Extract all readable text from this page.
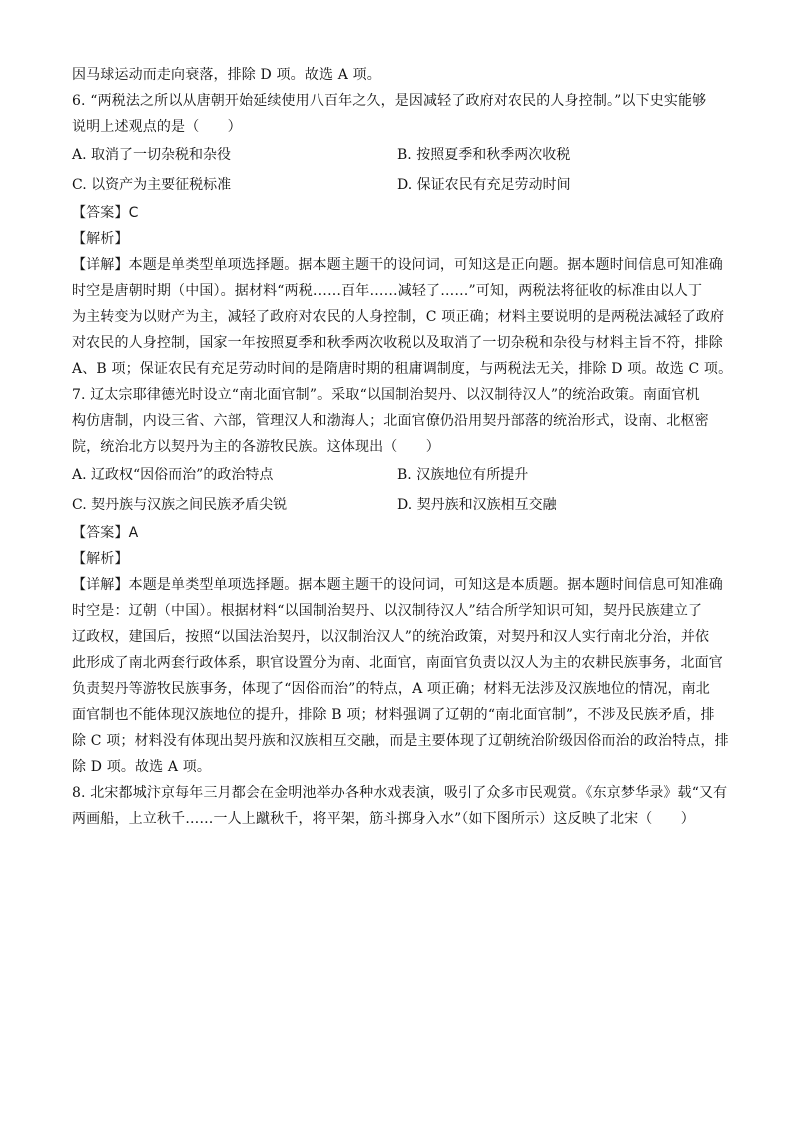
因马球运动而走向衰落，排除 D 项。故选 A 项。
6. “两税法之所以从唐朝开始延续使用八百年之久，是因减轻了政府对农民的人身控制。”以下史实能够
说明上述观点的是（　　）
A. 取消了一切杂税和杂役	B. 按照夏季和秋季两次收税
C. 以资产为主要征税标准	D. 保证农民有充足劳动时间
【答案】C
【解析】
【详解】本题是单类型单项选择题。据本题主题干的设问词，可知这是正向题。据本题时间信息可知准确
时空是唐朝时期（中国）。据材料“两税……百年……减轻了……”可知，两税法将征收的标准由以人丁
为主转变为以财产为主，减轻了政府对农民的人身控制，C 项正确；材料主要说明的是两税法减轻了政府
对农民的人身控制，国家一年按照夏季和秋季两次收税以及取消了一切杂税和杂役与材料主旨不符，排除
A、B 项；保证农民有充足劳动时间的是隋唐时期的租庸调制度，与两税法无关，排除 D 项。故选 C 项。
7. 辽太宗耶律德光时设立“南北面官制”。采取“以国制治契丹、以汉制待汉人”的统治政策。南面官机
构仿唐制，内设三省、六部，管理汉人和渤海人；北面官僚仍沿用契丹部落的统治形式，设南、北枢密
院，统治北方以契丹为主的各游牧民族。这体现出（　　）
A. 辽政权“因俗而治”的政治特点	B. 汉族地位有所提升
C. 契丹族与汉族之间民族矛盾尖锐	D. 契丹族和汉族相互交融
【答案】A
【解析】
【详解】本题是单类型单项选择题。据本题主题干的设问词，可知这是本质题。据本题时间信息可知准确
时空是：辽朝（中国）。根据材料“以国制治契丹、以汉制待汉人”结合所学知识可知，契丹民族建立了
辽政权，建国后，按照“以国法治契丹，以汉制治汉人”的统治政策，对契丹和汉人实行南北分治，并依
此形成了南北两套行政体系，职官设置分为南、北面官，南面官负责以汉人为主的农耕民族事务，北面官
负责契丹等游牧民族事务，体现了“因俗而治”的特点，A 项正确；材料无法涉及汉族地位的情况，南北
面官制也不能体现汉族地位的提升，排除 B 项；材料强调了辽朝的“南北面官制”，不涉及民族矛盾，排
除 C 项；材料没有体现出契丹族和汉族相互交融，而是主要体现了辽朝统治阶级因俗而治的政治特点，排
除 D 项。故选 A 项。
8. 北宋都城汴京每年三月都会在金明池举办各种水戏表演，吸引了众多市民观赏。《东京梦华录》载“又有
两画船，上立秋千……一人上蹴秋千，将平架，筋斗掷身入水”（如下图所示）这反映了北宋（　　）
